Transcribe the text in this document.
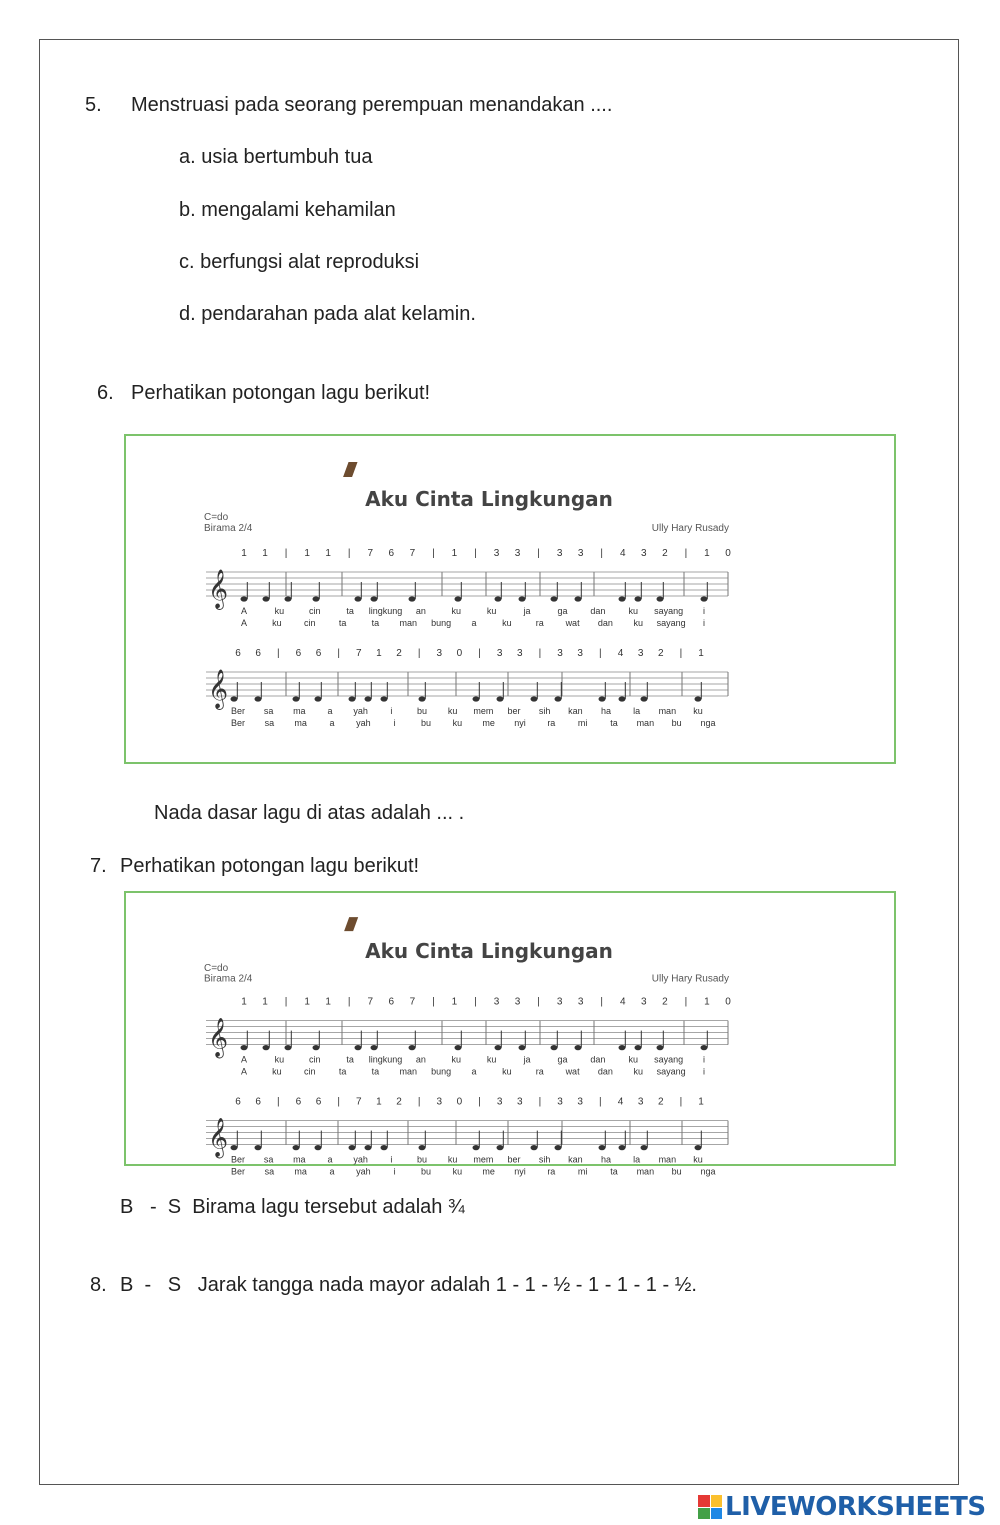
5. Menstruasi pada seorang perempuan menandakan ....
a. usia bertumbuh tua
b. mengalami kehamilan
c. berfungsi alat reproduksi
d. pendarahan pada alat kelamin.
6. Perhatikan potongan lagu berikut!
Aku Cinta Lingkungan
C=do
Birama 2/4	Ully Hary Rusady
1 1 | 1 1 | 7 6 7 | 1 | 3 3 | 3 3 | 4 3 2 | 1 0
𝄞
A	ku	cin	ta lingkung an	ku	ku	ja	ga	dan	ku sayang i
A	ku cin	ta	ta man bung a	ku	ra wat dan ku sayang i
6 6 | 6 6 | 7 1 2 | 3 0 | 3 3 | 3 3 | 4 3 2 | 1
𝄞
Ber sa ma a yah i	bu ku mem ber sih kan ha la man ku
Ber sa ma	a yah	i	bu ku me nyi ra	mi	ta man bu nga
Nada dasar lagu di atas adalah ... .
7. Perhatikan potongan lagu berikut!
Aku Cinta Lingkungan
C=do
Birama 2/4	Ully Hary Rusady
1 1 | 1 1 | 7 6 7 | 1 | 3 3 | 3 3 | 4 3 2 | 1 0
𝄞
A	ku	cin	ta lingkung an	ku	ku	ja	ga	dan	ku sayang i
A	ku cin	ta	ta man bung a	ku	ra wat dan ku sayang i
6 6 | 6 6 | 7 1 2 | 3 0 | 3 3 | 3 3 | 4 3 2 | 1
𝄞
Ber sa ma a yah i	bu ku mem ber sih kan ha la man ku
Ber sa ma	a yah	i	bu ku me nyi ra	mi	ta man bu nga
B   -  S  Birama lagu tersebut adalah ¾
8. B  -   S   Jarak tangga nada mayor adalah 1 - 1 - ½ - 1 - 1 - 1 - ½.
LIVEWORKSHEETS
